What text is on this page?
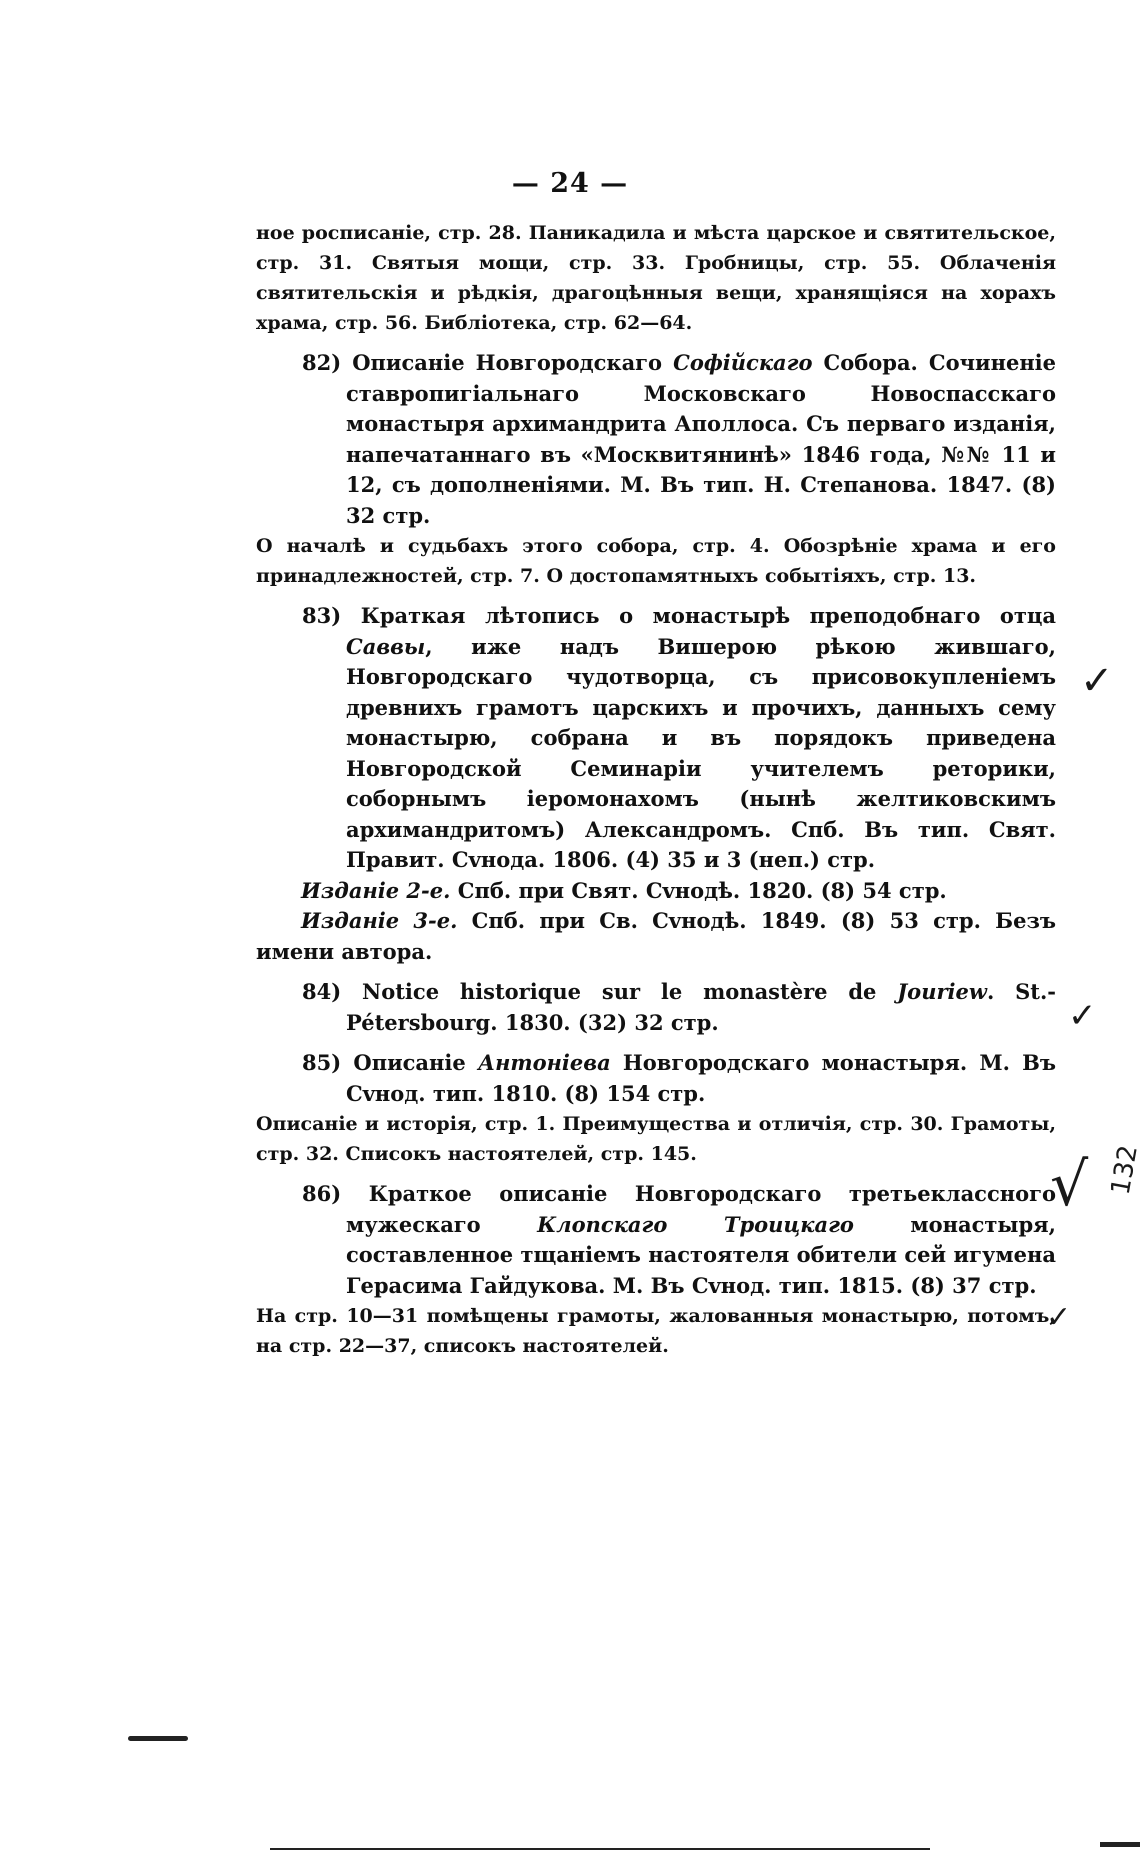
— 24 —

ное росписаніе, стр. 28. Паникадила и мѣста царское и святительское, стр. 31. Святыя мощи, стр. 33. Гробницы, стр. 55. Облаченія святительскія и рѣдкія, драгоцѣнныя вещи, хранящіяся на хорахъ храма, стр. 56. Библіотека, стр. 62—64.

82) Описаніе Новгородскаго Софійскаго Собора. Сочиненіе ставропигіальнаго Московскаго Новоспасскаго монастыря архимандрита Аполлоса. Съ перваго изданія, напечатаннаго въ «Москвитянинѣ» 1846 года, №№ 11 и 12, съ дополненіями. М. Въ тип. Н. Степанова. 1847. (8) 32 стр.

О началѣ и судьбахъ этого собора, стр. 4. Обозрѣніе храма и его принадлежностей, стр. 7. О достопамятныхъ событіяхъ, стр. 13.

83) Краткая лѣтопись о монастырѣ преподобнаго отца Саввы, иже надъ Вишерою рѣкою жившаго, Новгородскаго чудотворца, съ присовокупленіемъ древнихъ грамотъ царскихъ и прочихъ, данныхъ сему монастырю, собрана и въ порядокъ приведена Новгородской Семинаріи учителемъ реторики, соборнымъ іеромонахомъ (нынѣ желтиковскимъ архимандритомъ) Александромъ. Спб. Въ тип. Свят. Правит. Сvнода. 1806. (4) 35 и 3 (неп.) стр.

Изданіе 2-е. Спб. при Свят. Сvнодѣ. 1820. (8) 54 стр.

Изданіе 3-е. Спб. при Св. Сvнодѣ. 1849. (8) 53 стр. Безъ имени автора.

84) Notice historique sur le monastère de Jouriew. St.-Pétersbourg. 1830. (32) 32 стр.

85) Описаніе Антоніева Новгородскаго монастыря. М. Въ Сvнод. тип. 1810. (8) 154 стр.

Описаніе и исторія, стр. 1. Преимущества и отличія, стр. 30. Грамоты, стр. 32. Списокъ настоятелей, стр. 145.

86) Краткое описаніе Новгородскаго третьеклассного мужескаго	Клопскаго Троицкаго	монастыря, составленное тщаніемъ настоятеля обители сей игумена Герасима Гайдукова. М. Въ Сvнод. тип. 1815. (8) 37 стр.

На стр. 10—31 помѣщены грамоты, жалованныя монастырю, потомъ, на стр. 22—37, списокъ настоятелей.

✓
✓
√ 132
✓
